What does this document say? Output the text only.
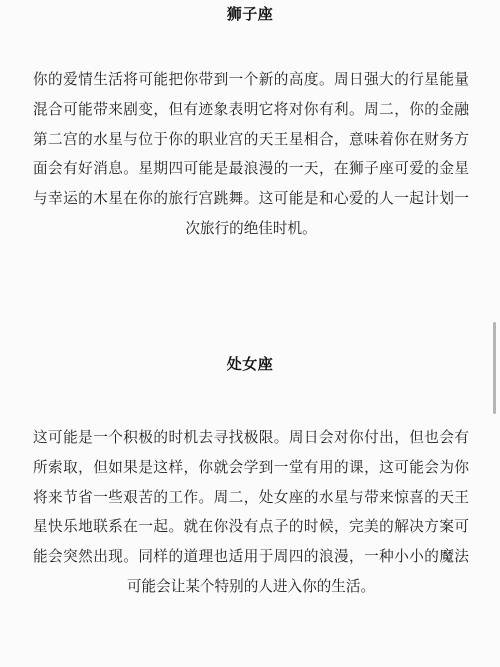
狮子座
你的爱情生活将可能把你带到一个新的高度。周日强大的行星能量混合可能带来剧变，但有迹象表明它将对你有利。周二，你的金融第二宫的水星与位于你的职业宫的天王星相合，意味着你在财务方面会有好消息。星期四可能是最浪漫的一天，在狮子座可爱的金星与幸运的木星在你的旅行宫跳舞。这可能是和心爱的人一起计划一次旅行的绝佳时机。
处女座
这可能是一个积极的时机去寻找极限。周日会对你付出，但也会有所索取，但如果是这样，你就会学到一堂有用的课，这可能会为你将来节省一些艰苦的工作。周二，处女座的水星与带来惊喜的天王星快乐地联系在一起。就在你没有点子的时候，完美的解决方案可能会突然出现。同样的道理也适用于周四的浪漫，一种小小的魔法可能会让某个特别的人进入你的生活。
